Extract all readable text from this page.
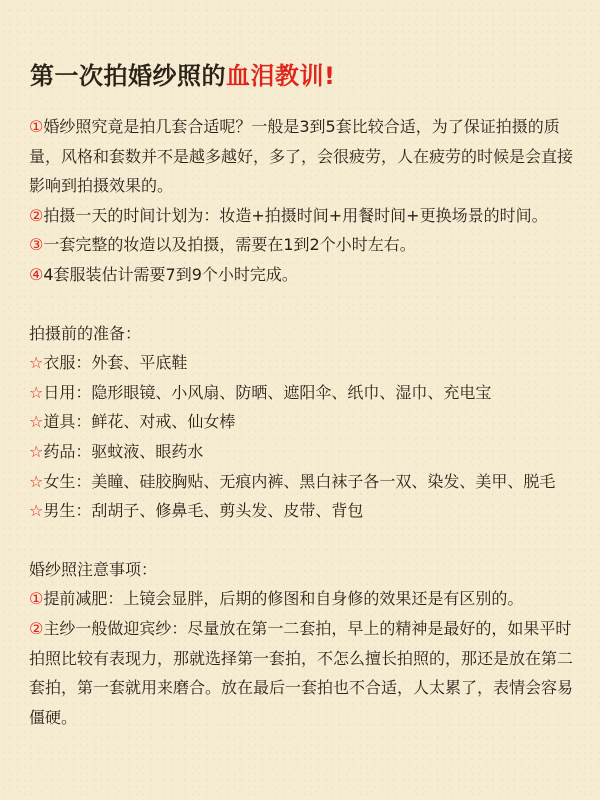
第一次拍婚纱照的血泪教训!

①婚纱照究竟是拍几套合适呢？一般是3到5套比较合适，为了保证拍摄的质量，风格和套数并不是越多越好，多了，会很疲劳，人在疲劳的时候是会直接影响到拍摄效果的。

②拍摄一天的时间计划为：妆造+拍摄时间+用餐时间+更换场景的时间。

③一套完整的妆造以及拍摄，需要在1到2个小时左右。

④4套服装估计需要7到9个小时完成。

拍摄前的准备：

☆衣服：外套、平底鞋

☆日用：隐形眼镜、小风扇、防晒、遮阳伞、纸巾、湿巾、充电宝

☆道具：鲜花、对戒、仙女棒

☆药品：驱蚊液、眼药水

☆女生：美瞳、硅胶胸贴、无痕内裤、黑白袜子各一双、染发、美甲、脱毛

☆男生：刮胡子、修鼻毛、剪头发、皮带、背包

婚纱照注意事项：

①提前减肥：上镜会显胖，后期的修图和自身修的效果还是有区别的。

②主纱一般做迎宾纱：尽量放在第一二套拍，早上的精神是最好的，如果平时拍照比较有表现力，那就选择第一套拍，不怎么擅长拍照的，那还是放在第二套拍，第一套就用来磨合。放在最后一套拍也不合适，人太累了，表情会容易僵硬。
